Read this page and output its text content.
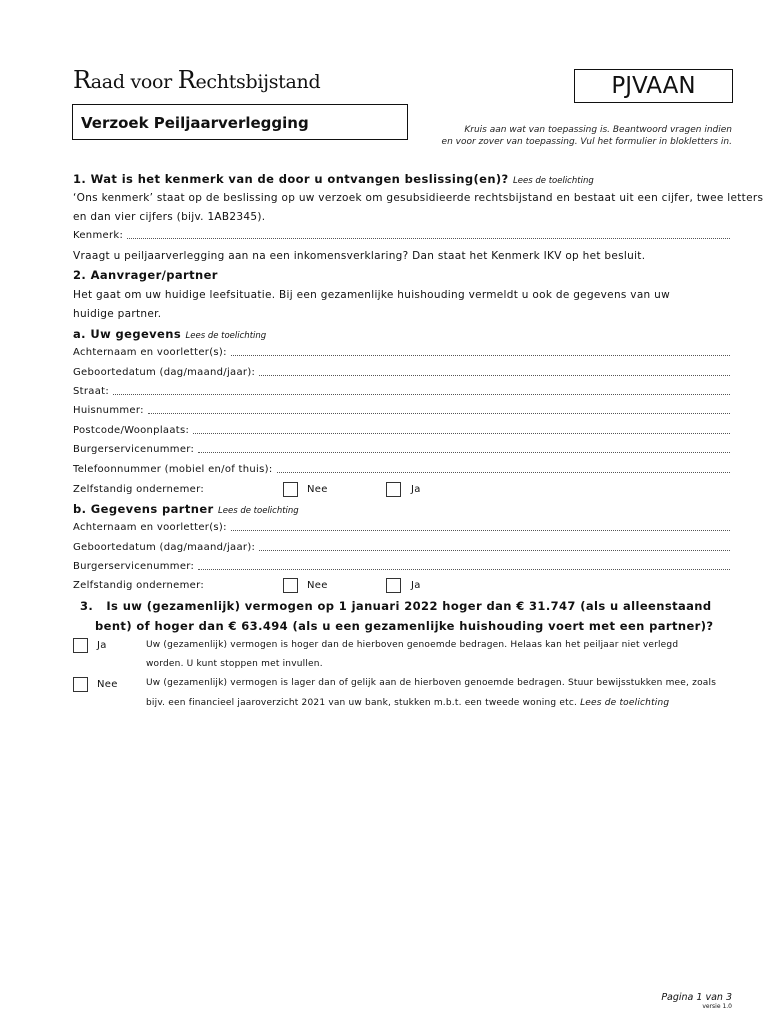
Raad voor Rechtsbijstand	PJVAAN
Verzoek Peiljaarverlegging	Kruis aan wat van toepassing is. Beantwoord vragen indien
en voor zover van toepassing. Vul het formulier in blokletters in.
1. Wat is het kenmerk van de door u ontvangen beslissing(en)? Lees de toelichting
‘Ons kenmerk’ staat op de beslissing op uw verzoek om gesubsidieerde rechtsbijstand en bestaat uit een cijfer, twee letters
en dan vier cijfers (bijv. 1AB2345).
Kenmerk:
Vraagt u peiljaarverlegging aan na een inkomensverklaring? Dan staat het Kenmerk IKV op het besluit.
2. Aanvrager/partner
Het gaat om uw huidige leefsituatie. Bij een gezamenlijke huishouding vermeldt u ook de gegevens van uw
huidige partner.
a. Uw gegevens Lees de toelichting
Achternaam en voorletter(s):
Geboortedatum (dag/maand/jaar):
Straat:
Huisnummer:
Postcode/Woonplaats:
Burgerservicenummer:
Telefoonnummer (mobiel en/of thuis):
Zelfstandig ondernemer:	Nee	Ja
b. Gegevens partner Lees de toelichting
Achternaam en voorletter(s):
Geboortedatum (dag/maand/jaar):
Burgerservicenummer:
Zelfstandig ondernemer:	Nee	Ja
3.   Is uw (gezamenlijk) vermogen op 1 januari 2022 hoger dan € 31.747 (als u alleenstaand
bent) of hoger dan € 63.494 (als u een gezamenlijke huishouding voert met een partner)?
Ja	Uw (gezamenlijk) vermogen is hoger dan de hierboven genoemde bedragen. Helaas kan het peiljaar niet verlegd
worden. U kunt stoppen met invullen.
Nee	Uw (gezamenlijk) vermogen is lager dan of gelijk aan de hierboven genoemde bedragen. Stuur bewijsstukken mee, zoals
bijv. een financieel jaaroverzicht 2021 van uw bank, stukken m.b.t. een tweede woning etc. Lees de toelichting
Pagina 1 van 3
versie 1.0
